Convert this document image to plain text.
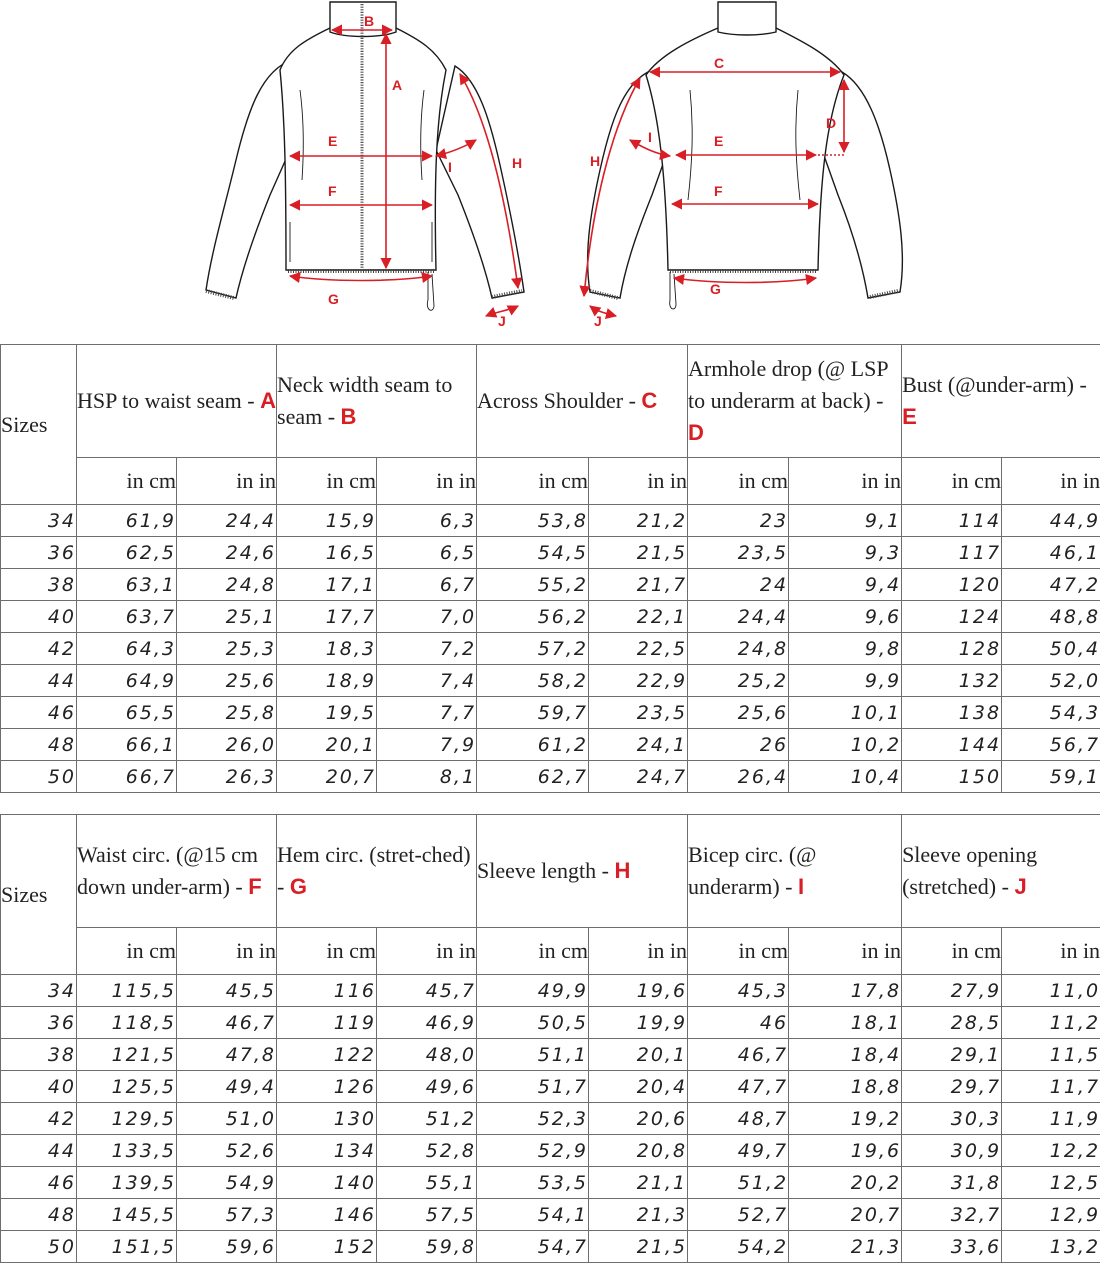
B
A
E
I
F
H
G
J
C
D
I	E
H
F
G
J
Sizes	HSP to waist seam - A		Neck width seam to seam - B		Across Shoulder - C		Armhole drop (@ LSP to underarm at back) - D		Bust (@under-arm) - E	
	in cm	in in	in cm	in in	in cm	in in	in cm	in in	in cm	in in
34	61,9	24,4	15,9	6,3	53,8	21,2	23	9,1	114	44,9
36	62,5	24,6	16,5	6,5	54,5	21,5	23,5	9,3	117	46,1
38	63,1	24,8	17,1	6,7	55,2	21,7	24	9,4	120	47,2
40	63,7	25,1	17,7	7,0	56,2	22,1	24,4	9,6	124	48,8
42	64,3	25,3	18,3	7,2	57,2	22,5	24,8	9,8	128	50,4
44	64,9	25,6	18,9	7,4	58,2	22,9	25,2	9,9	132	52,0
46	65,5	25,8	19,5	7,7	59,7	23,5	25,6	10,1	138	54,3
48	66,1	26,0	20,1	7,9	61,2	24,1	26	10,2	144	56,7
50	66,7	26,3	20,7	8,1	62,7	24,7	26,4	10,4	150	59,1
Sizes	Waist circ. (@15 cm down under-arm) - F		Hem circ. (stret-ched) - G		Sleeve length - H		Bicep circ. (@ underarm) - I		Sleeve opening (stretched) - J	
	in cm	in in	in cm	in in	in cm	in in	in cm	in in	in cm	in in
34	115,5	45,5	116	45,7	49,9	19,6	45,3	17,8	27,9	11,0
36	118,5	46,7	119	46,9	50,5	19,9	46	18,1	28,5	11,2
38	121,5	47,8	122	48,0	51,1	20,1	46,7	18,4	29,1	11,5
40	125,5	49,4	126	49,6	51,7	20,4	47,7	18,8	29,7	11,7
42	129,5	51,0	130	51,2	52,3	20,6	48,7	19,2	30,3	11,9
44	133,5	52,6	134	52,8	52,9	20,8	49,7	19,6	30,9	12,2
46	139,5	54,9	140	55,1	53,5	21,1	51,2	20,2	31,8	12,5
48	145,5	57,3	146	57,5	54,1	21,3	52,7	20,7	32,7	12,9
50	151,5	59,6	152	59,8	54,7	21,5	54,2	21,3	33,6	13,2
